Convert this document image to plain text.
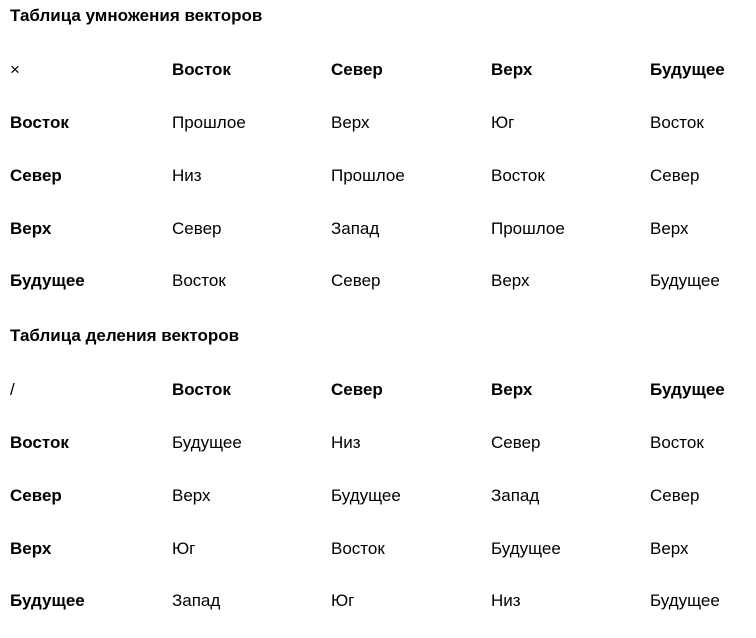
Таблица умножения векторов
×	Восток	Север	Верх	Будущее
Восток	Прошлое	Верх	Юг	Восток
Север	Низ	Прошлое	Восток	Север
Верх	Север	Запад	Прошлое	Верх
Будущее	Восток	Север	Верх	Будущее
Таблица деления векторов
/	Восток	Север	Верх	Будущее
Восток	Будущее	Низ	Север	Восток
Север	Верх	Будущее	Запад	Север
Верх	Юг	Восток	Будущее	Верх
Будущее	Запад	Юг	Низ	Будущее
